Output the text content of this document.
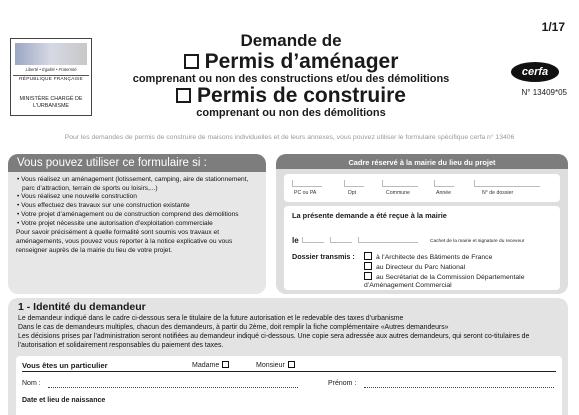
1/17
Liberté • Égalité • Fraternité
RÉPUBLIQUE FRANÇAISE
MINISTÈRE CHARGÉ DE L'URBANISME
Demande de
Permis d’aménager
comprenant ou non des constructions et/ou des démolitions
Permis de construire
comprenant ou non des démolitions
cerfa
N° 13409*05
Pour les demandes de permis de construire de maisons individuelles et de leurs annexes, vous pouvez utiliser le formulaire spécifique cerfa n° 13406
Vous pouvez utiliser ce formulaire si :
• Vous réalisez un aménagement (lotissement, camping, aire de stationnement, parc d’attraction, terrain de sports ou loisirs,...)
• Vous réalisez une nouvelle construction
• Vous effectuez des travaux sur une construction existante
• Votre projet d’aménagement ou de construction comprend des démolitions
• Votre projet nécessite une autorisation d’exploitation commerciale
Pour savoir précisément à quelle formalité sont soumis vos travaux et aménagements, vous pouvez vous reporter à la notice explicative ou vous renseigner auprès de la mairie du lieu de votre projet.
Cadre réservé à la mairie du lieu du projet
PC ou PA	Dpt	Commune	Année	N° de dossier
La présente demande a été reçue à la mairie
le	Cachet de la mairie et signature du receveur
Dossier transmis :	à l’Architecte des Bâtiments de France
au Directeur du Parc National
au Secrétariat de la Commission Départementale d’Aménagement Commercial
1 - Identité du demandeur
Le demandeur indiqué dans le cadre ci-dessous sera le titulaire de la future autorisation et le redevable des taxes d’urbanisme
Dans le cas de demandeurs multiples, chacun des demandeurs, à partir du 2ème, doit remplir la fiche complémentaire «Autres demandeurs»
Les décisions prises par l’administration seront notifiées au demandeur indiqué ci-dessous. Une copie sera adressée aux autres demandeurs, qui seront co-titulaires de l’autorisation et solidairement responsables du paiement des taxes.
Vous êtes un particulier	Madame	Monsieur
Nom :	Prénom :
Date et lieu de naissance
